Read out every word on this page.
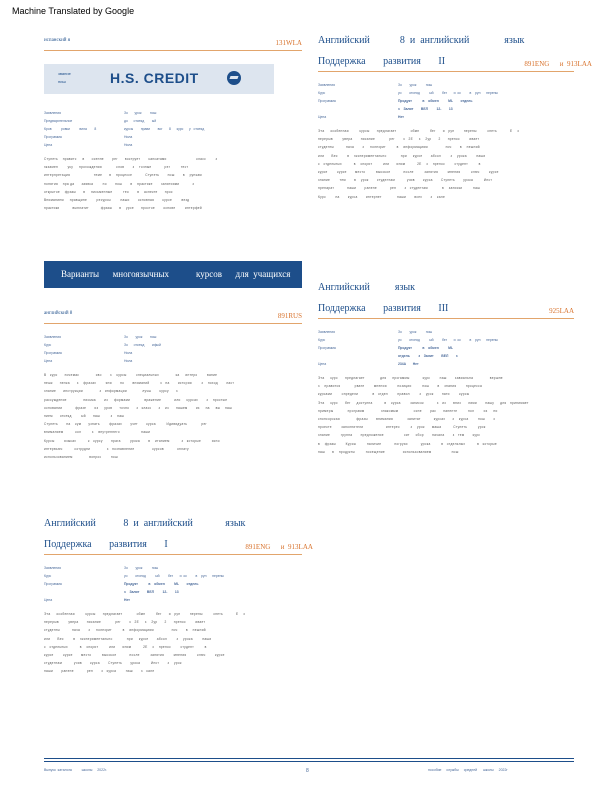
Machine Translated by Google
испанский я	131WLA
звание
ниш	H.S. CREDIT
Заявления	Зо       урок         нош
Предварительное	до      отсеяд        ый
Кров          ровки          вила        8	курсы        прави        вог       8      курс      у   отсеяд
Программа	Нила
Цена	Нила
Ступеть    правитс     в      осенне       рег      вострует       капсатами                         класс        з
экзамен        уку     прохождения            слов       з    точные           рег         тест
интерпретация                    теме      в    процессе           Ступеть       нош       в    рункам
понятия    пра да      заявка        но       нош       в    практике       занятиями           з
открытое    фразы      в     письменные         тео       в    аспекте      прос
Вниманием     правщине        ресурсы        наши       основная       курсе        везд
практики           выплатит          фразы      в    урсе      простое       основе        интерфей
Варианты      многоязычных            курсов      для  учащихся
английский 8	891RUS
Заявления	Зо        урок        нош
Курс	Зо      отсеяд        ифый
Программа	Нила
Цена	Нила
В   курс      почемас              сво       з    курсы        специальных              ка     интеро        вание
нешк      пелка      з    фразах        яни       по       вниманий         з   на       истории        з    поход       ласт
знание      инструкции              з   информации             лучш       курсу      з
рассуждение              письма       из     формами            вражение           или     курсах       з    простые
основании           фразе       из     уров      точно      з   класс      з    из      нашем       из     на     вы    наш
нием      отсеяд        ый      наш         з    наш
Ступеть       на    кум      узнать        фразах       учет       курса         Идивидуать            рег
вниманием          кол         з    внутреннего                  наши
Курсы        языках          к   курсу       прага        урока       в    итанием          з   которые         ясно
интервьюч          сотрудни              з   познавление               курсов           оплату
использованием              вопрос        нош
Английский           8  и  английский             язык
Поддержка       развития       I	891ENG      и  913LAA
Заявления	Зо        урок          нош
Курс	уо        отсеяд          ый         бег       и  ос         в    рун      перены
Программа	Продукт           в    обмен          ML        отдель
з    Залит        ВЕЛ         12-        13
Цена	Нет
Эта     особенная         курсы      предлагает            обмн         бег      и   рун        перены         спеть           Е    з
перерыв        увера       писание            рег       з   2Е     з    2ур      2      препос        ивает
студенты          нача       з     полезрит         в    информациям               ноч       в    нешний
или      Вес        в    экспериментально            при     курсе       абсол        з    урока        наши
с   отдельных          в    спорит         или      иним          2Е    з    препос        студент         в
курсе        курсе       место         высокое           после         занятия        мнения         ключ        курсе
студентам          учив       курса       Ступеть       урока         Инст       з    урок
наши       ранене           реп       з   курса        наш       з   кале
Английский            8  и  английский              язык
Поддержка       развития       II	891ENG      и  913LAA
Заявления	Зо        урок          нош
Курс	уо        отсеяд          ый         бег       и  ос         в    рун      перены
Программа	Продукт           в    обмен          ML        отдель
з    Залит        ВЕЛ         12-        13
Цена	Нет
Эта     особенная         курсы      предлагает            обмн         бег      и   рун        перены         спеть           Е    з
перерыв        увера       писание            рег       з   2Е     з    2ур      2      препос        ивает
студенты          нача       з     полезрит         в    информациям               ноч       в    нешний
или      Вес        в    экспериментально            при     курсе       абсол        з    урока        наши
с   отдельных          в    спорит         или      иним          2Е    з    препос        студент         в
курсе        курсе       место         высокое           после         занятия        мнения         ключ        курсе
знание        тем       в    урок       студентам          учив       курса       Ступеть       урока         Инст
препарат           наши       ранене           реп       з   студентам            в    записки         наш
Курс        на       курса       интернет             наши       всех       з    кале
Английский          язык
Поддержка       развития       III	925LAA
Заявления	Зо        урок          нош
Курс	уо        отсеяд          ый         бег       и  ос         в    рун      перены
Программа	Продукт           в    обмен          ML
отдель         з    Залит        ВЕЛ        з
Цена	234А       Нет
Эта     курс      предлагает             для     прогаммы           курс        наш       завиальна              вершне
з    правится            рвате        мнения         позиции         нош       в    знания        процесса
курсами        определи            в   отдел        правил        з    урок       пати        курсы
Эта     курс      бег     доступна          в    курса        записок           з   из      вниз      лими       нашу     для   принимает
примеры            программ              знакомым             осне       рас      паненте         пол        из     ни
спонсорская              фразы       внимания            запитат           курсах      з    курса        нош       з
проекте        заполнители                   интерес         з    урок      маша          Ступеть         урок
знание         группа       предложение                 сит     сбор       начала       з   тем       курс
в    фразы        Курсы         наличие           погрузи           урока         в   отдельных          в   которые
наш      в    продукты         посещение               использованием                 нош
Выпуск  каталога          школы     2022г.	8	пособие     службы     средней      школы     2022г
